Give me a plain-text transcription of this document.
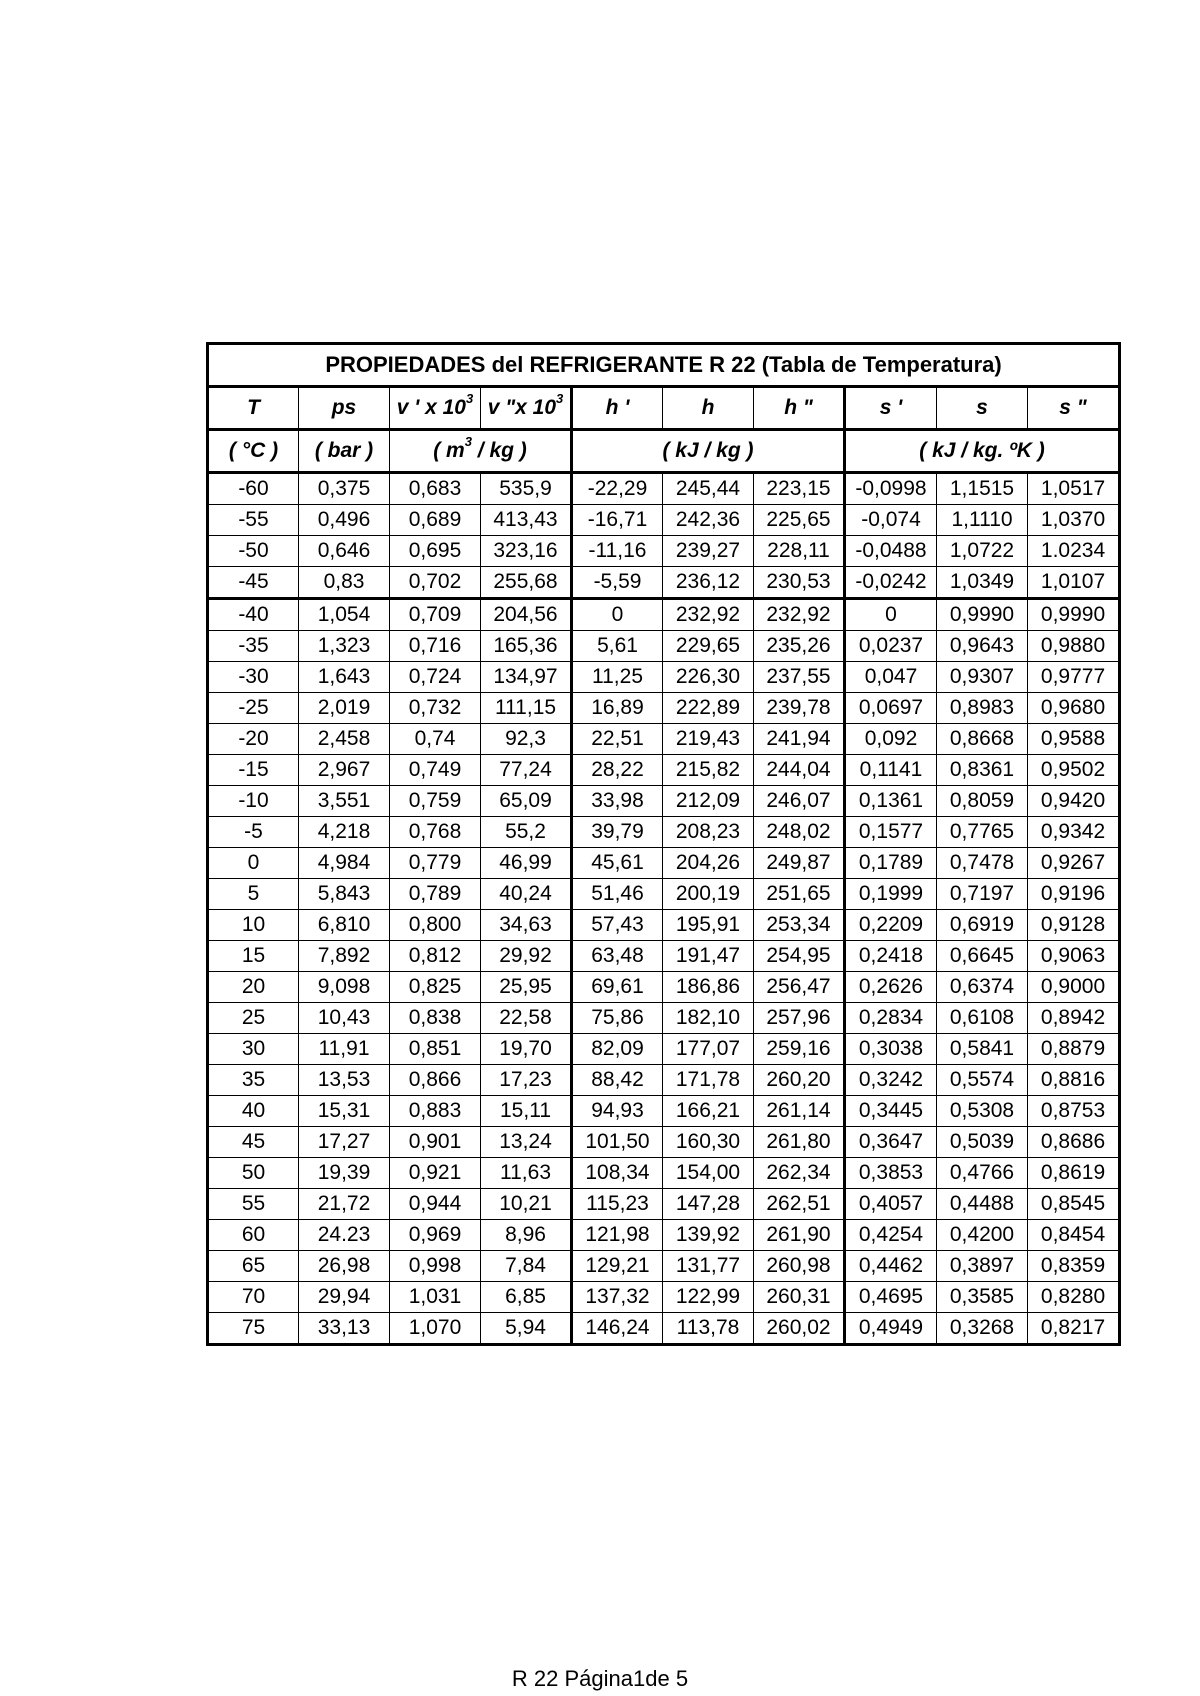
PROPIEDADES del REFRIGERANTE R 22 (Tabla de Temperatura)									
T	ps	v ' x $10^3$	v "x $10^3$	h '	h	h "	s '	s	s "
( °C )	( bar )	( $m^3$ / kg )		( kJ / kg )			( kJ / kg. ºK )		
-60	0,375	0,683	535,9	-22,29	245,44	223,15	-0,0998	1,1515	1,0517
-55	0,496	0,689	413,43	-16,71	242,36	225,65	-0,074	1,1110	1,0370
-50	0,646	0,695	323,16	-11,16	239,27	228,11	-0,0488	1,0722	1.0234
-45	0,83	0,702	255,68	-5,59	236,12	230,53	-0,0242	1,0349	1,0107
-40	1,054	0,709	204,56	0	232,92	232,92	0	0,9990	0,9990
-35	1,323	0,716	165,36	5,61	229,65	235,26	0,0237	0,9643	0,9880
-30	1,643	0,724	134,97	11,25	226,30	237,55	0,047	0,9307	0,9777
-25	2,019	0,732	111,15	16,89	222,89	239,78	0,0697	0,8983	0,9680
-20	2,458	0,74	92,3	22,51	219,43	241,94	0,092	0,8668	0,9588
-15	2,967	0,749	77,24	28,22	215,82	244,04	0,1141	0,8361	0,9502
-10	3,551	0,759	65,09	33,98	212,09	246,07	0,1361	0,8059	0,9420
-5	4,218	0,768	55,2	39,79	208,23	248,02	0,1577	0,7765	0,9342
0	4,984	0,779	46,99	45,61	204,26	249,87	0,1789	0,7478	0,9267
5	5,843	0,789	40,24	51,46	200,19	251,65	0,1999	0,7197	0,9196
10	6,810	0,800	34,63	57,43	195,91	253,34	0,2209	0,6919	0,9128
15	7,892	0,812	29,92	63,48	191,47	254,95	0,2418	0,6645	0,9063
20	9,098	0,825	25,95	69,61	186,86	256,47	0,2626	0,6374	0,9000
25	10,43	0,838	22,58	75,86	182,10	257,96	0,2834	0,6108	0,8942
30	11,91	0,851	19,70	82,09	177,07	259,16	0,3038	0,5841	0,8879
35	13,53	0,866	17,23	88,42	171,78	260,20	0,3242	0,5574	0,8816
40	15,31	0,883	15,11	94,93	166,21	261,14	0,3445	0,5308	0,8753
45	17,27	0,901	13,24	101,50	160,30	261,80	0,3647	0,5039	0,8686
50	19,39	0,921	11,63	108,34	154,00	262,34	0,3853	0,4766	0,8619
55	21,72	0,944	10,21	115,23	147,28	262,51	0,4057	0,4488	0,8545
60	24.23	0,969	8,96	121,98	139,92	261,90	0,4254	0,4200	0,8454
65	26,98	0,998	7,84	129,21	131,77	260,98	0,4462	0,3897	0,8359
70	29,94	1,031	6,85	137,32	122,99	260,31	0,4695	0,3585	0,8280
75	33,13	1,070	5,94	146,24	113,78	260,02	0,4949	0,3268	0,8217
R 22 Página1de 5
